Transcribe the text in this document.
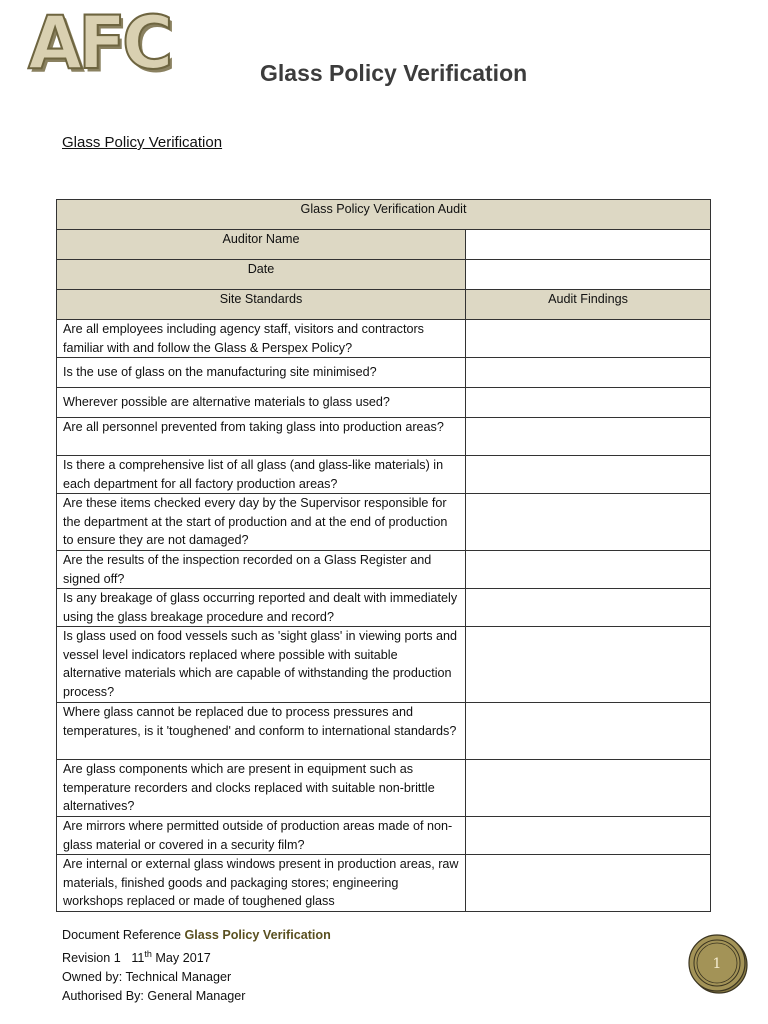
AFC	Glass Policy Verification
Glass Policy Verification
Glass Policy Verification Audit	
Auditor Name	
Date	
Site Standards	Audit Findings
Are all employees including agency staff, visitors and contractors familiar with and follow the Glass & Perspex Policy?	
Is the use of glass on the manufacturing site minimised?	
Wherever possible are alternative materials to glass used?	
Are all personnel prevented from taking glass into production areas?	
Is there a comprehensive list of all glass (and glass-like materials) in each department for all factory production areas?	
Are these items checked every day by the Supervisor responsible for the department at the start of production and at the end of production to ensure they are not damaged?	
Are the results of the inspection recorded on a Glass Register and signed off?	
Is any breakage of glass occurring reported and dealt with immediately using the glass breakage procedure and record?	
Is glass used on food vessels such as 'sight glass' in viewing ports and vessel level indicators replaced where possible with suitable alternative materials which are capable of withstanding the production process?	
Where glass cannot be replaced due to process pressures and temperatures, is it 'toughened' and conform to international standards?	
Are glass components which are present in equipment such as temperature recorders and clocks replaced with suitable non-brittle alternatives?	
Are mirrors where permitted outside of production areas made of non-glass material or covered in a security film?	
Are internal or external glass windows present in production areas, raw materials, finished goods and packaging stores; engineering workshops replaced or made of toughened glass	
Document Reference Glass Policy Verification
Revision 1 11th May 2017
Owned by: Technical Manager
Authorised By: General Manager
1
